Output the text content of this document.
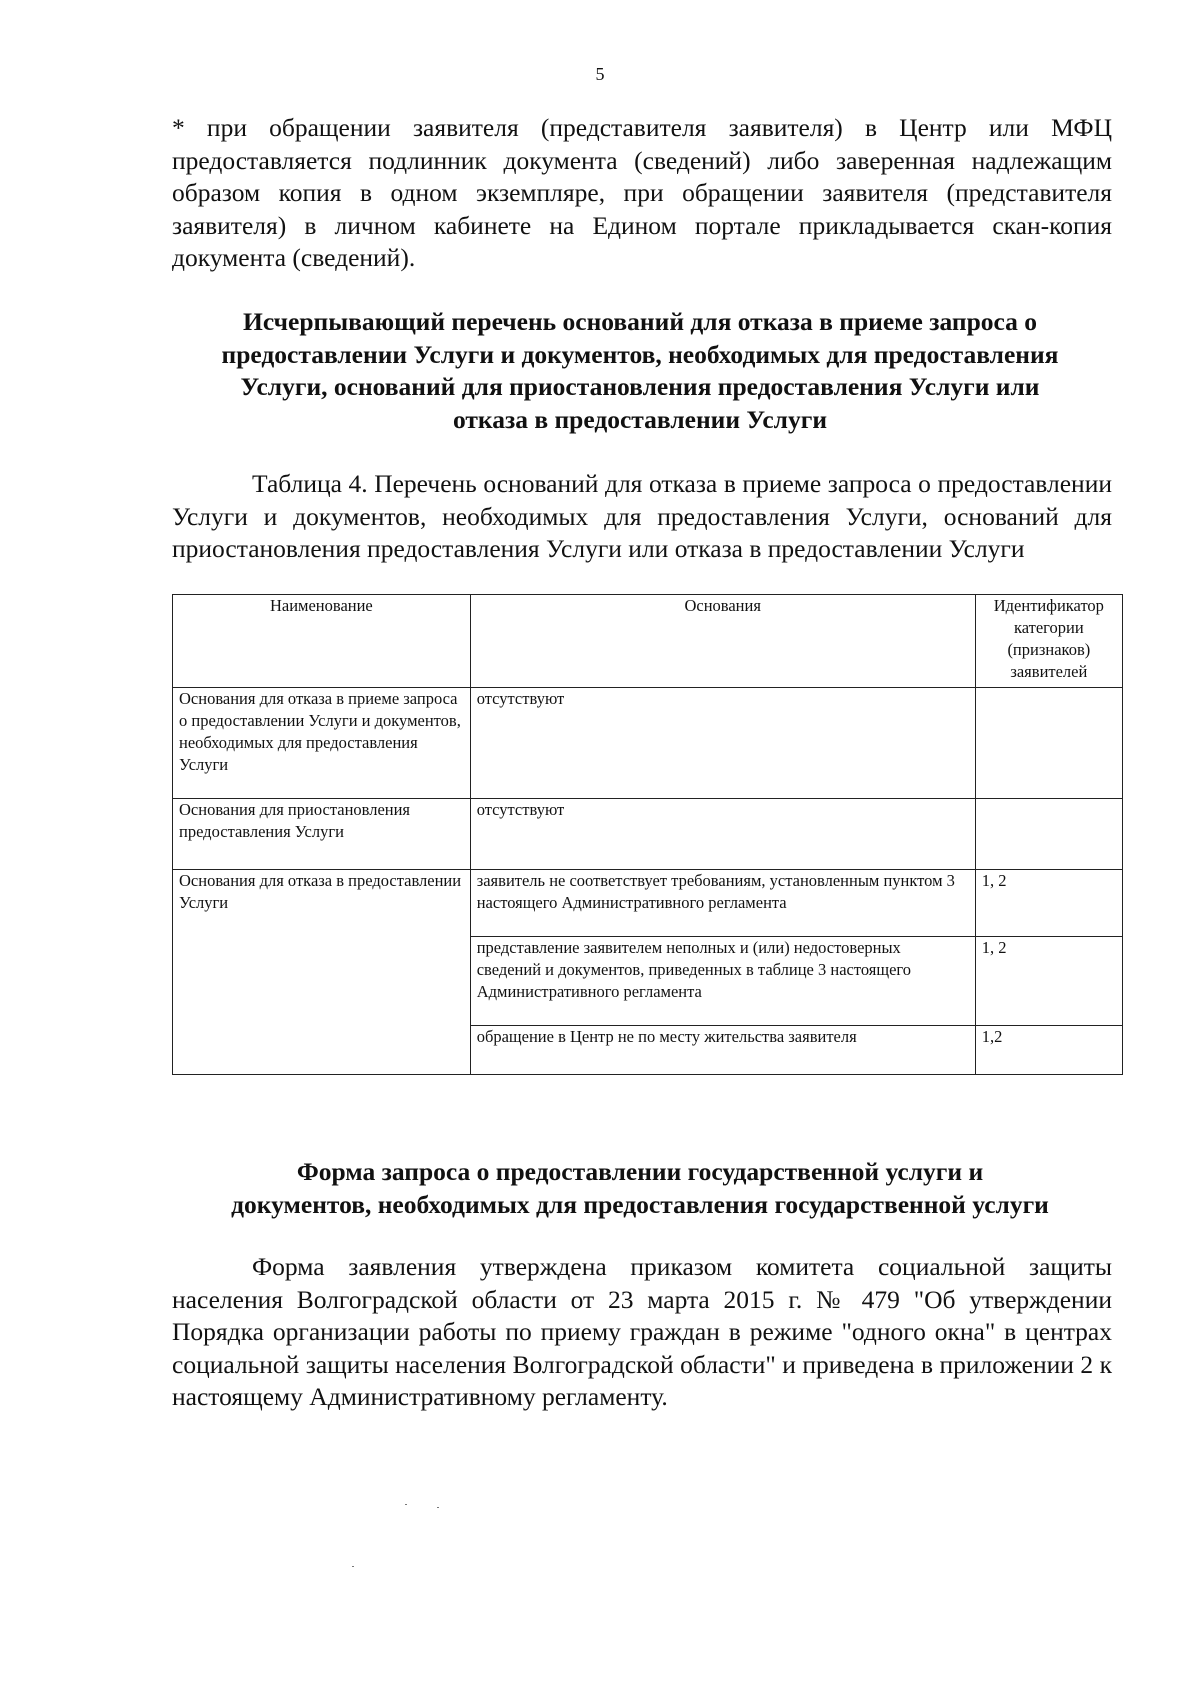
5
* при обращении заявителя (представителя заявителя) в Центр или МФЦ предоставляется подлинник документа (сведений) либо заверенная надлежащим образом копия в одном экземпляре, при обращении заявителя (представителя заявителя) в личном кабинете на Едином портале прикладывается скан-копия документа (сведений).
Исчерпывающий перечень оснований для отказа в приеме запроса о
предоставлении Услуги и документов, необходимых для предоставления
Услуги, оснований для приостановления предоставления Услуги или
отказа в предоставлении Услуги
Таблица 4. Перечень оснований для отказа в приеме запроса о предоставлении Услуги и документов, необходимых для предоставления Услуги, оснований для приостановления предоставления Услуги или отказа в предоставлении Услуги
Наименование	Основания	Идентификатор категории (признаков) заявителей
Основания для отказа в приеме запроса о предоставлении Услуги и документов, необходимых для предоставления Услуги	отсутствуют	
Основания для приостановления предоставления Услуги	отсутствуют	
Основания для отказа в предоставлении Услуги	заявитель не соответствует требованиям, установленным пунктом 3 настоящего Административного регламента	1, 2
	представление заявителем неполных и (или) недостоверных сведений и документов, приведенных в таблице 3 настоящего Административного регламента	1, 2
	обращение в Центр не по месту жительства заявителя	1,2
Форма запроса о предоставлении государственной услуги и
документов, необходимых для предоставления государственной услуги
Форма заявления утверждена приказом комитета социальной защиты населения Волгоградской области от 23 марта 2015 г. № 479 "Об утверждении Порядка организации работы по приему граждан в режиме "одного окна" в центрах социальной защиты населения Волгоградской области" и приведена в приложении 2 к настоящему Административному регламенту.
